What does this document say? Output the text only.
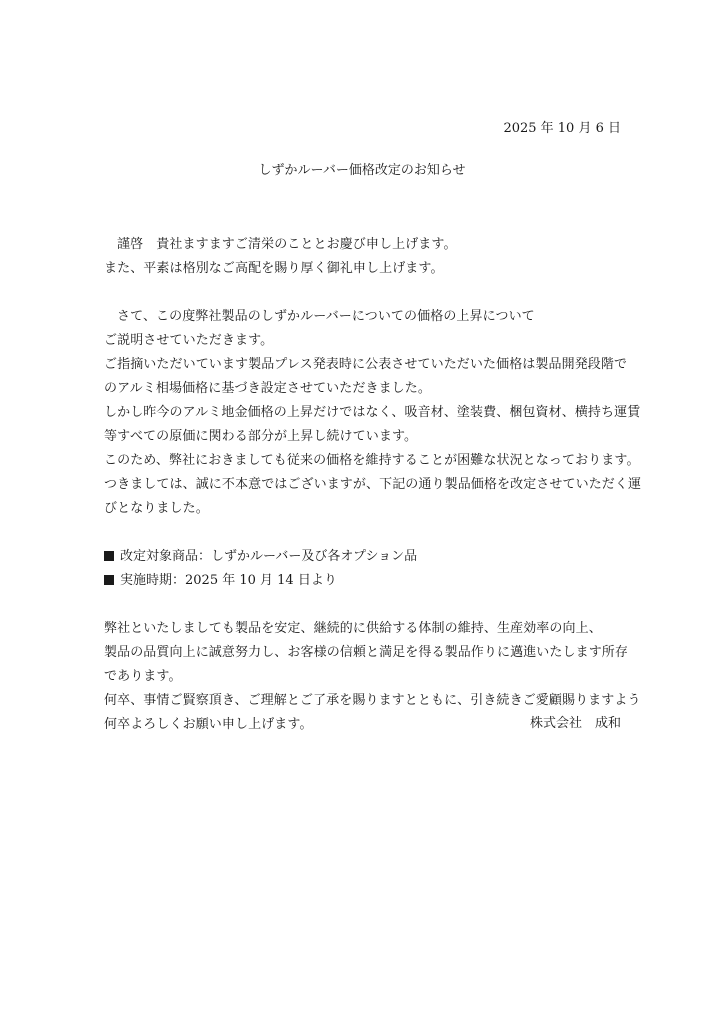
2025 年 10 月 6 日
しずかルーバー価格改定のお知らせ
謹啓　貴社ますますご清栄のこととお慶び申し上げます。
また、平素は格別なご高配を賜り厚く御礼申し上げます。
さて、この度弊社製品のしずかルーバーについての価格の上昇について
ご説明させていただきます。
ご指摘いただいています製品プレス発表時に公表させていただいた価格は製品開発段階で
のアルミ相場価格に基づき設定させていただきました。
しかし昨今のアルミ地金価格の上昇だけではなく、吸音材、塗装費、梱包資材、横持ち運賃
等すべての原価に関わる部分が上昇し続けています。
このため、弊社におきましても従来の価格を維持することが困難な状況となっております。
つきましては、誠に不本意ではございますが、下記の通り製品価格を改定させていただく運
びとなりました。
改定対象商品：しずかルーバー及び各オプション品
実施時期：2025 年 10 月 14 日より
弊社といたしましても製品を安定、継続的に供給する体制の維持、生産効率の向上、
製品の品質向上に誠意努力し、お客様の信頼と満足を得る製品作りに邁進いたします所存
であります。
何卒、事情ご賢察頂き、ご理解とご了承を賜りますとともに、引き続きご愛顧賜りますよう
何卒よろしくお願い申し上げます。	株式会社　成和
